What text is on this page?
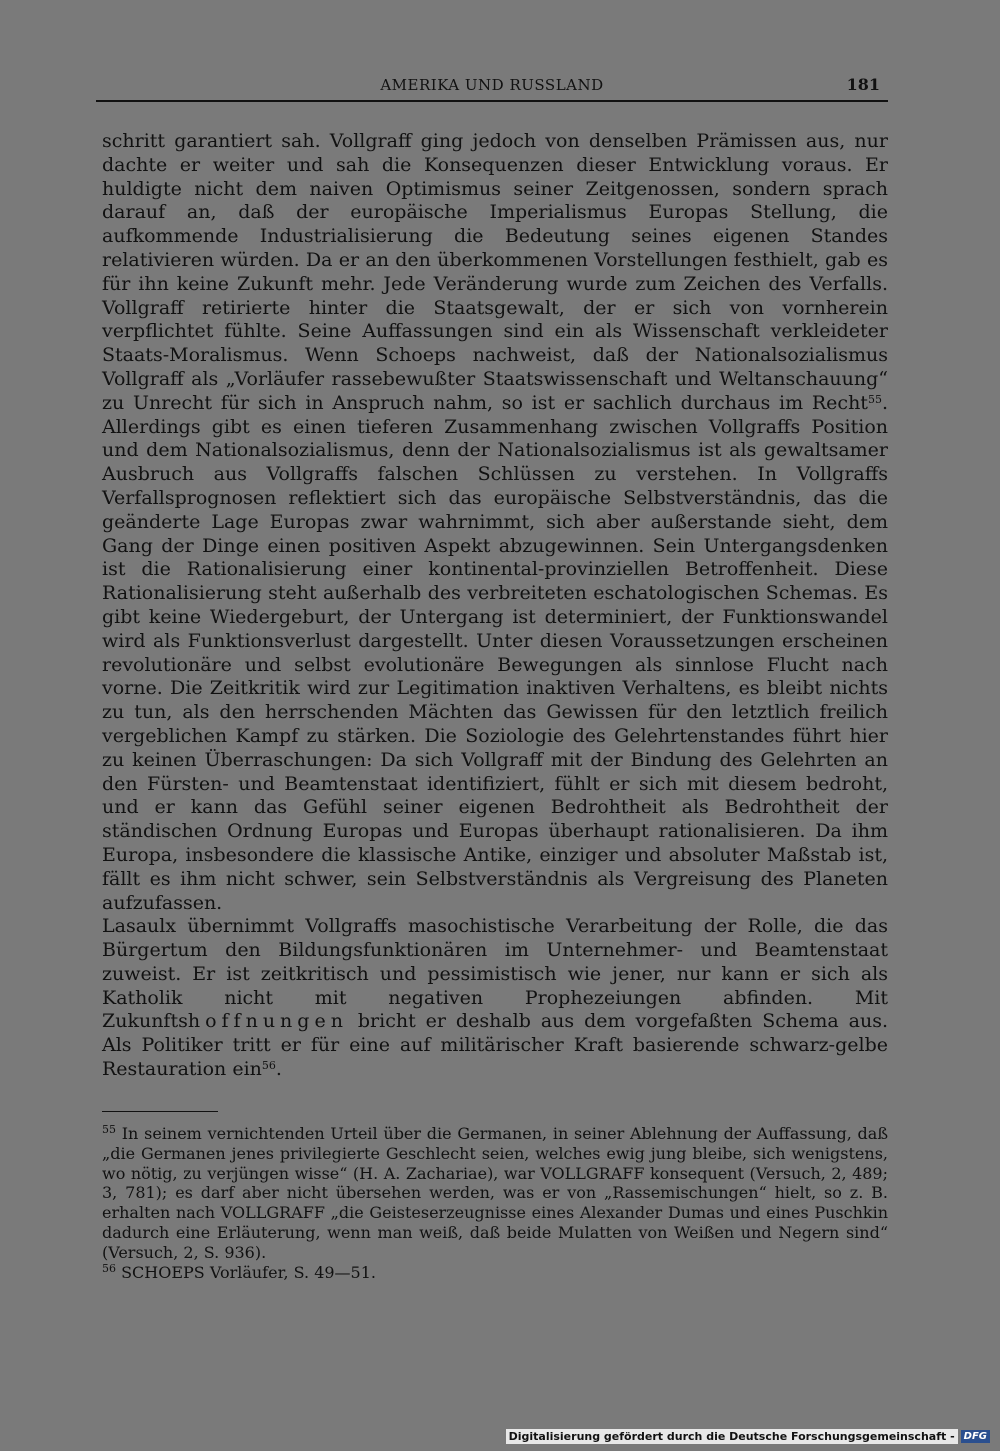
AMERIKA UND RUSSLAND	181

schritt garantiert sah. Vollgraff ging jedoch von denselben Prämissen aus, nur dachte er weiter und sah die Konsequenzen dieser Entwicklung voraus. Er huldigte nicht dem naiven Optimismus seiner Zeitgenossen, sondern sprach darauf an, daß der europäische Imperialismus Europas Stellung, die aufkommende Industrialisierung die Bedeutung seines eigenen Standes relativieren würden. Da er an den überkommenen Vorstellungen festhielt, gab es für ihn keine Zukunft mehr. Jede Veränderung wurde zum Zeichen des Verfalls. Vollgraff retirierte hinter die Staatsgewalt, der er sich von vornherein verpflichtet fühlte. Seine Auffassungen sind ein als Wissenschaft verkleideter Staats-Moralismus. Wenn Schoeps nachweist, daß der Nationalsozialismus Vollgraff als „Vorläufer rassebewußter Staatswissenschaft und Weltanschauung“ zu Unrecht für sich in Anspruch nahm, so ist er sachlich durchaus im Recht$^{55}$. Allerdings gibt es einen tieferen Zusammenhang zwischen Vollgraffs Position und dem Nationalsozialismus, denn der Nationalsozialismus ist als gewaltsamer Ausbruch aus Vollgraffs falschen Schlüssen zu verstehen. In Vollgraffs Verfallsprognosen reflektiert sich das europäische Selbstverständnis, das die geänderte Lage Europas zwar wahrnimmt, sich aber außerstande sieht, dem Gang der Dinge einen positiven Aspekt abzugewinnen. Sein Untergangsdenken ist die Rationalisierung einer kontinental-provinziellen Betroffenheit. Diese Rationalisierung steht außerhalb des verbreiteten eschatologischen Schemas. Es gibt keine Wiedergeburt, der Untergang ist determiniert, der Funktionswandel wird als Funktionsverlust dargestellt. Unter diesen Voraussetzungen erscheinen revolutionäre und selbst evolutionäre Bewegungen als sinnlose Flucht nach vorne. Die Zeitkritik wird zur Legitimation inaktiven Verhaltens, es bleibt nichts zu tun, als den herrschenden Mächten das Gewissen für den letztlich freilich vergeblichen Kampf zu stärken. Die Soziologie des Gelehrtenstandes führt hier zu keinen Überraschungen: Da sich Vollgraff mit der Bindung des Gelehrten an den Fürsten- und Beamtenstaat identifiziert, fühlt er sich mit diesem bedroht, und er kann das Gefühl seiner eigenen Bedrohtheit als Bedrohtheit der ständischen Ordnung Europas und Europas überhaupt rationalisieren. Da ihm Europa, insbesondere die klassische Antike, einziger und absoluter Maßstab ist, fällt es ihm nicht schwer, sein Selbstverständnis als Vergreisung des Planeten aufzufassen.

Lasaulx übernimmt Vollgraffs masochistische Verarbeitung der Rolle, die das Bürgertum den Bildungsfunktionären im Unternehmer- und Beamtenstaat zuweist. Er ist zeitkritisch und pessimistisch wie jener, nur kann er sich als Katholik nicht mit negativen Prophezeiungen abfinden. Mit Zukunftshoffnungen bricht er deshalb aus dem vorgefaßten Schema aus. Als Politiker tritt er für eine auf militärischer Kraft basierende schwarz-gelbe Restauration ein$^{56}$.

$^{55}$ In seinem vernichtenden Urteil über die Germanen, in seiner Ablehnung der Auffassung, daß „die Germanen jenes privilegierte Geschlecht seien, welches ewig jung bleibe, sich wenigstens, wo nötig, zu verjüngen wisse“ (H. A. Zachariae), war VOLLGRAFF konsequent (Versuch, 2, 489; 3, 781); es darf aber nicht übersehen werden, was er von „Rassemischungen“ hielt, so z. B. erhalten nach VOLLGRAFF „die Geisteserzeugnisse eines Alexander Dumas und eines Puschkin dadurch eine Erläuterung, wenn man weiß, daß beide Mulatten von Weißen und Negern sind“ (Versuch, 2, S. 936).

$^{56}$ SCHOEPS Vorläufer, S. 49—51.

Digitalisierung gefördert durch die Deutsche Forschungsgemeinschaft - DFG
